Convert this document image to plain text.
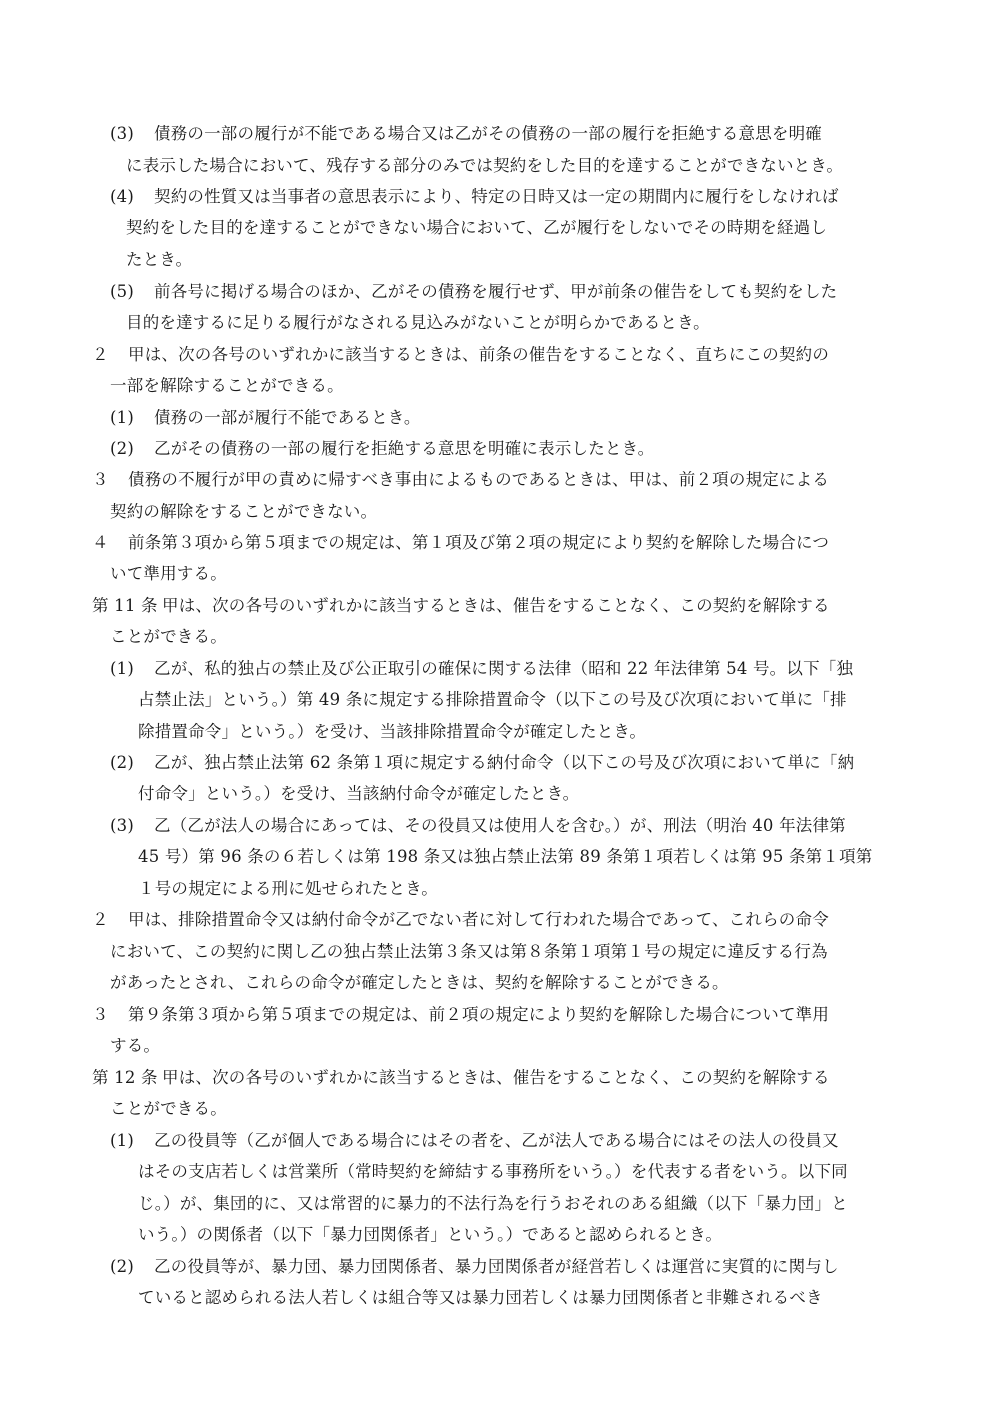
(3) 債務の一部の履行が不能である場合又は乙がその債務の一部の履行を拒絶する意思を明確
に表示した場合において、残存する部分のみでは契約をした目的を達することができないとき。
(4) 契約の性質又は当事者の意思表示により、特定の日時又は一定の期間内に履行をしなければ
契約をした目的を達することができない場合において、乙が履行をしないでその時期を経過し
たとき。
(5) 前各号に掲げる場合のほか、乙がその債務を履行せず、甲が前条の催告をしても契約をした
目的を達するに足りる履行がなされる見込みがないことが明らかであるとき。
２ 甲は、次の各号のいずれかに該当するときは、前条の催告をすることなく、直ちにこの契約の
一部を解除することができる。
(1) 債務の一部が履行不能であるとき。
(2) 乙がその債務の一部の履行を拒絶する意思を明確に表示したとき。
３ 債務の不履行が甲の責めに帰すべき事由によるものであるときは、甲は、前２項の規定による
契約の解除をすることができない。
４ 前条第３項から第５項までの規定は、第１項及び第２項の規定により契約を解除した場合につ
いて準用する。
第 11 条 甲は、次の各号のいずれかに該当するときは、催告をすることなく、この契約を解除する
ことができる。
(1) 乙が、私的独占の禁止及び公正取引の確保に関する法律（昭和 22 年法律第 54 号。以下「独
占禁止法」という。）第 49 条に規定する排除措置命令（以下この号及び次項において単に「排
除措置命令」という。）を受け、当該排除措置命令が確定したとき。
(2) 乙が、独占禁止法第 62 条第１項に規定する納付命令（以下この号及び次項において単に「納
付命令」という。）を受け、当該納付命令が確定したとき。
(3) 乙（乙が法人の場合にあっては、その役員又は使用人を含む。）が、刑法（明治 40 年法律第
45 号）第 96 条の６若しくは第 198 条又は独占禁止法第 89 条第１項若しくは第 95 条第１項第
１号の規定による刑に処せられたとき。
２ 甲は、排除措置命令又は納付命令が乙でない者に対して行われた場合であって、これらの命令
において、この契約に関し乙の独占禁止法第３条又は第８条第１項第１号の規定に違反する行為
があったとされ、これらの命令が確定したときは、契約を解除することができる。
３ 第９条第３項から第５項までの規定は、前２項の規定により契約を解除した場合について準用
する。
第 12 条 甲は、次の各号のいずれかに該当するときは、催告をすることなく、この契約を解除する
ことができる。
(1) 乙の役員等（乙が個人である場合にはその者を、乙が法人である場合にはその法人の役員又
はその支店若しくは営業所（常時契約を締結する事務所をいう。）を代表する者をいう。以下同
じ。）が、集団的に、又は常習的に暴力的不法行為を行うおそれのある組織（以下「暴力団」と
いう。）の関係者（以下「暴力団関係者」という。）であると認められるとき。
(2) 乙の役員等が、暴力団、暴力団関係者、暴力団関係者が経営若しくは運営に実質的に関与し
ていると認められる法人若しくは組合等又は暴力団若しくは暴力団関係者と非難されるべき
